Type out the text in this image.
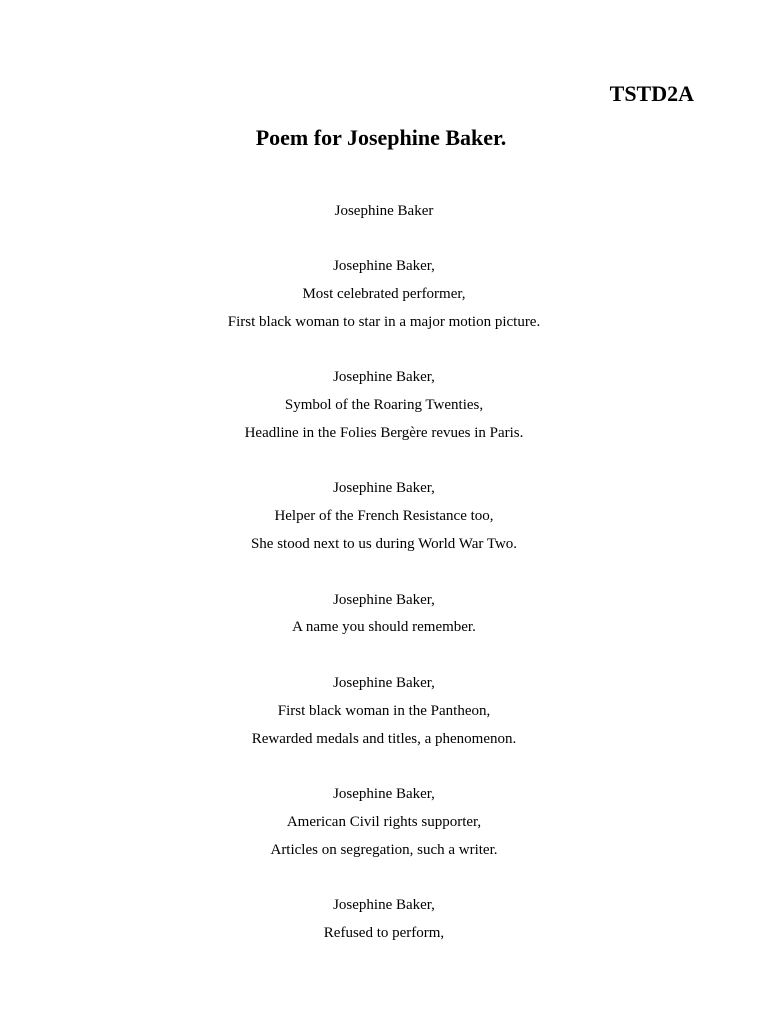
TSTD2A
Poem for Josephine Baker.
Josephine Baker
Josephine Baker,
Most celebrated performer,
First black woman to star in a major motion picture.
Josephine Baker,
Symbol of the Roaring Twenties,
Headline in the Folies Bergère revues in Paris.
Josephine Baker,
Helper of the French Resistance too,
She stood next to us during World War Two.
Josephine Baker,
A name you should remember.
Josephine Baker,
First black woman in the Pantheon,
Rewarded medals and titles, a phenomenon.
Josephine Baker,
American Civil rights supporter,
Articles on segregation, such a writer.
Josephine Baker,
Refused to perform,
